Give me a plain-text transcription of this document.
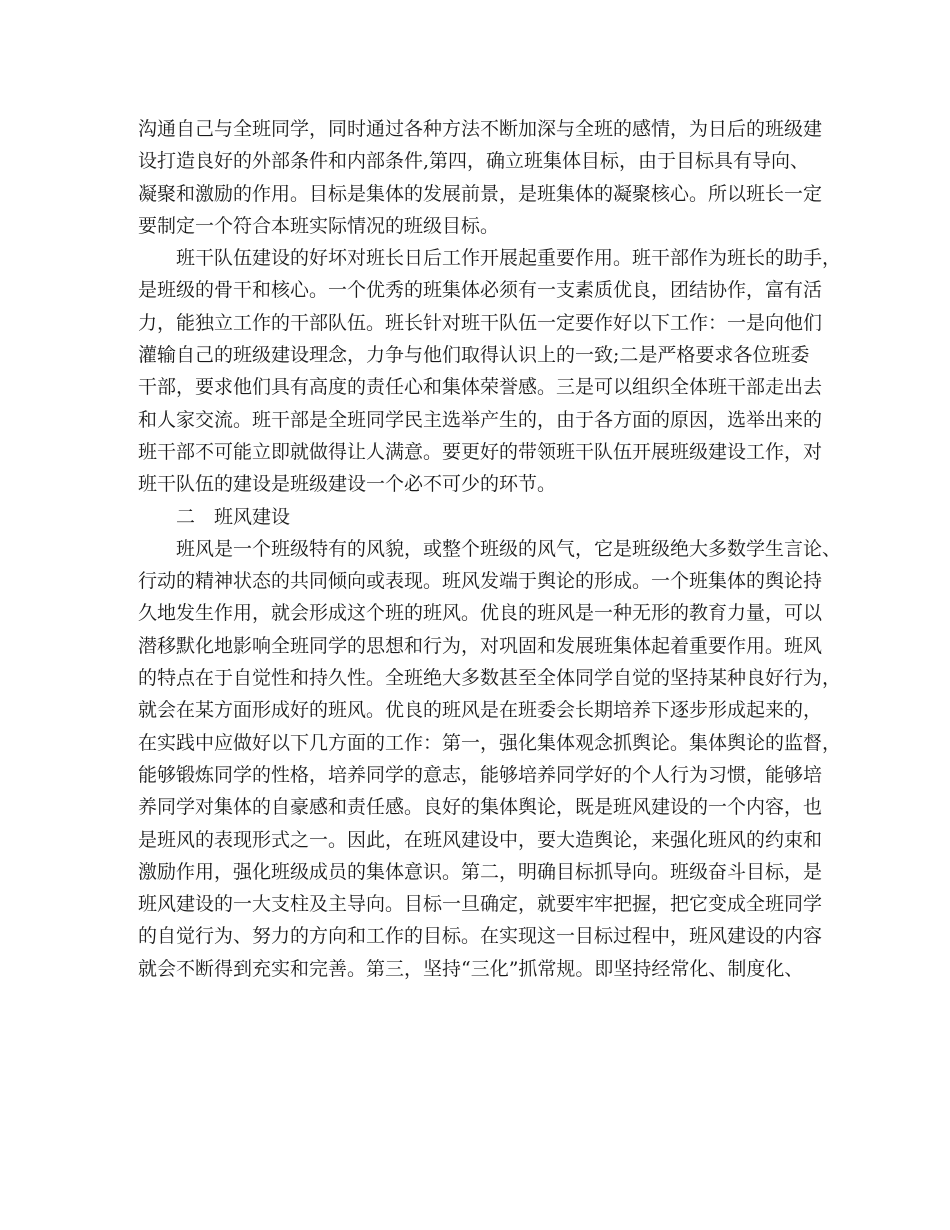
沟通自己与全班同学，同时通过各种方法不断加深与全班的感情，为日后的班级建
设打造良好的外部条件和内部条件,第四，确立班集体目标，由于目标具有导向、
凝聚和激励的作用。目标是集体的发展前景，是班集体的凝聚核心。所以班长一定
要制定一个符合本班实际情况的班级目标。
班干队伍建设的好坏对班长日后工作开展起重要作用。班干部作为班长的助手，
是班级的骨干和核心。一个优秀的班集体必须有一支素质优良，团结协作，富有活
力，能独立工作的干部队伍。班长针对班干队伍一定要作好以下工作：一是向他们
灌输自己的班级建设理念，力争与他们取得认识上的一致;二是严格要求各位班委
干部，要求他们具有高度的责任心和集体荣誉感。三是可以组织全体班干部走出去
和人家交流。班干部是全班同学民主选举产生的，由于各方面的原因，选举出来的
班干部不可能立即就做得让人满意。要更好的带领班干队伍开展班级建设工作，对
班干队伍的建设是班级建设一个必不可少的环节。
二　班风建设
班风是一个班级特有的风貌，或整个班级的风气，它是班级绝大多数学生言论、
行动的精神状态的共同倾向或表现。班风发端于舆论的形成。一个班集体的舆论持
久地发生作用，就会形成这个班的班风。优良的班风是一种无形的教育力量，可以
潜移默化地影响全班同学的思想和行为，对巩固和发展班集体起着重要作用。班风
的特点在于自觉性和持久性。全班绝大多数甚至全体同学自觉的坚持某种良好行为，
就会在某方面形成好的班风。优良的班风是在班委会长期培养下逐步形成起来的，
在实践中应做好以下几方面的工作：第一，强化集体观念抓舆论。集体舆论的监督，
能够锻炼同学的性格，培养同学的意志，能够培养同学好的个人行为习惯，能够培
养同学对集体的自豪感和责任感。良好的集体舆论，既是班风建设的一个内容，也
是班风的表现形式之一。因此，在班风建设中，要大造舆论，来强化班风的约束和
激励作用，强化班级成员的集体意识。第二，明确目标抓导向。班级奋斗目标，是
班风建设的一大支柱及主导向。目标一旦确定，就要牢牢把握，把它变成全班同学
的自觉行为、努力的方向和工作的目标。在实现这一目标过程中，班风建设的内容
就会不断得到充实和完善。第三，坚持“三化”抓常规。即坚持经常化、制度化、
